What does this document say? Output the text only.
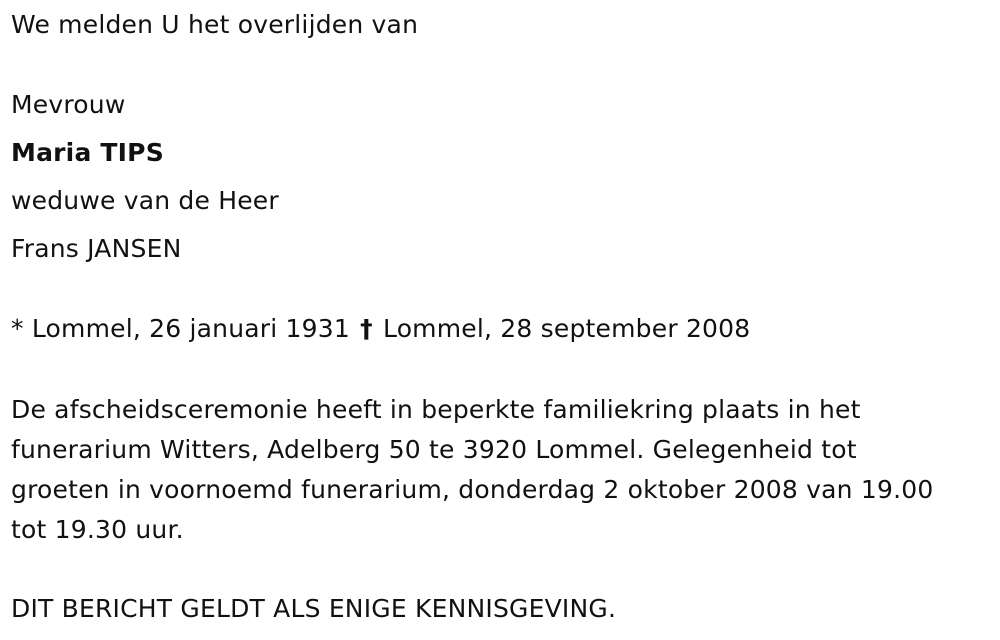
We melden U het overlijden van
Mevrouw
Maria TIPS
weduwe van de Heer
Frans JANSEN
* Lommel, 26 januari 1931 † Lommel, 28 september 2008
De afscheidsceremonie heeft in beperkte familiekring plaats in het
funerarium Witters, Adelberg 50 te 3920 Lommel. Gelegenheid tot
groeten in voornoemd funerarium, donderdag 2 oktober 2008 van 19.00
tot 19.30 uur.
DIT BERICHT GELDT ALS ENIGE KENNISGEVING.
